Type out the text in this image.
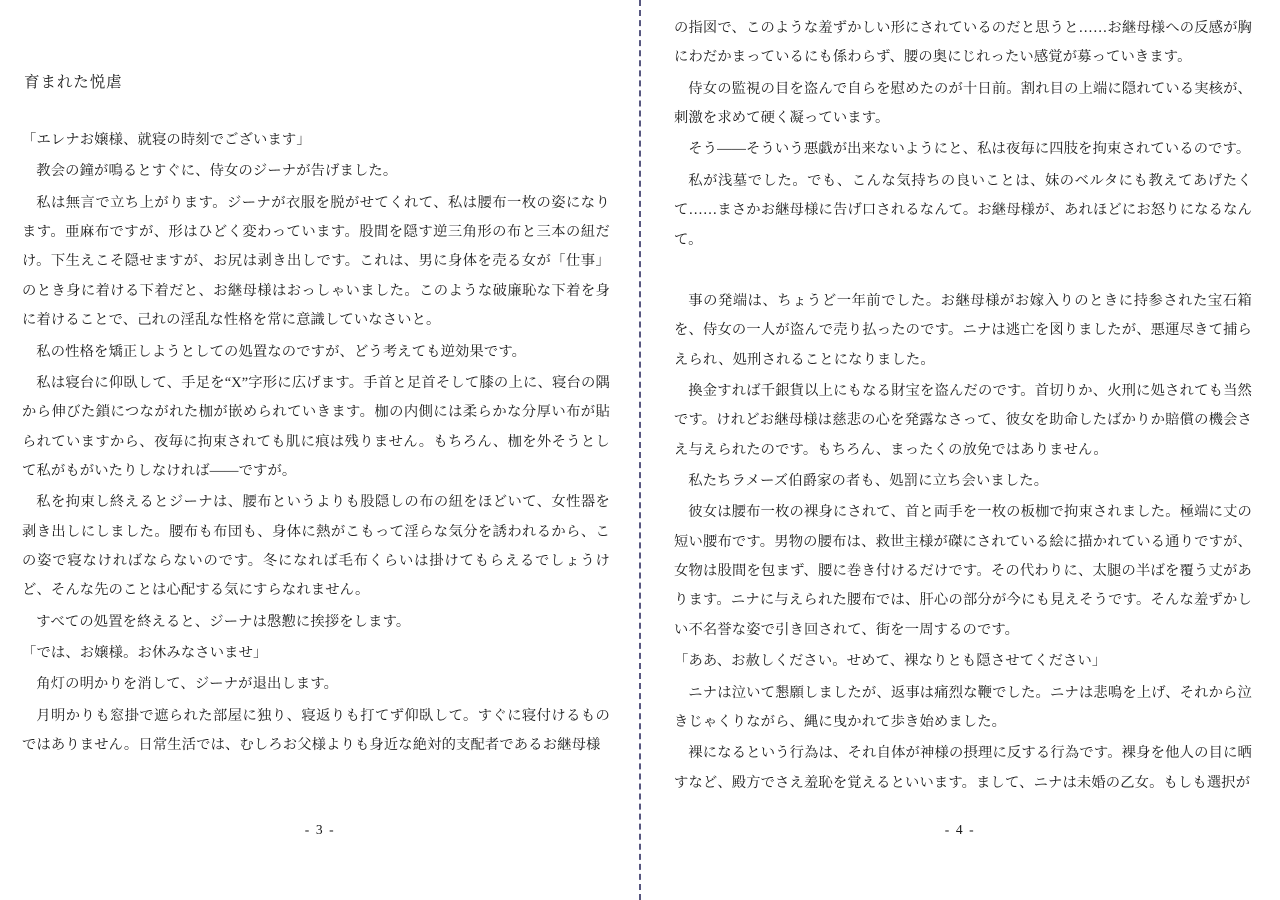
育まれた悦虐

「エレナお嬢様、就寝の時刻でございます」

教会の鐘が鳴るとすぐに、侍女のジーナが告げました。

私は無言で立ち上がります。ジーナが衣服を脱がせてくれて、私は腰布一枚の姿になります。亜麻布ですが、形はひどく変わっています。股間を隠す逆三角形の布と三本の紐だけ。下生えこそ隠せますが、お尻は剥き出しです。これは、男に身体を売る女が「仕事」のとき身に着ける下着だと、お継母様はおっしゃいました。このような破廉恥な下着を身に着けることで、己れの淫乱な性格を常に意識していなさいと。

私の性格を矯正しようとしての処置なのですが、どう考えても逆効果です。

私は寝台に仰臥して、手足を“X”字形に広げます。手首と足首そして膝の上に、寝台の隅から伸びた鎖につながれた枷が嵌められていきます。枷の内側には柔らかな分厚い布が貼られていますから、夜毎に拘束されても肌に痕は残りません。もちろん、枷を外そうとして私がもがいたりしなければ――ですが。

私を拘束し終えるとジーナは、腰布というよりも股隠しの布の紐をほどいて、女性器を剥き出しにしました。腰布も布団も、身体に熱がこもって淫らな気分を誘われるから、この姿で寝なければならないのです。冬になれば毛布くらいは掛けてもらえるでしょうけど、そんな先のことは心配する気にすらなれません。

すべての処置を終えると、ジーナは慇懃に挨拶をします。

「では、お嬢様。お休みなさいませ」

角灯の明かりを消して、ジーナが退出します。

月明かりも窓掛で遮られた部屋に独り、寝返りも打てず仰臥して。すぐに寝付けるものではありません。日常生活では、むしろお父様よりも身近な絶対的支配者であるお継母様

- 3 -

の指図で、このような羞ずかしい形にされているのだと思うと……お継母様への反感が胸にわだかまっているにも係わらず、腰の奥にじれったい感覚が募っていきます。

侍女の監視の目を盗んで自らを慰めたのが十日前。割れ目の上端に隠れている実核が、刺激を求めて硬く凝っています。

そう――そういう悪戯が出来ないようにと、私は夜毎に四肢を拘束されているのです。

私が浅墓でした。でも、こんな気持ちの良いことは、妹のベルタにも教えてあげたくて……まさかお継母様に告げ口されるなんて。お継母様が、あれほどにお怒りになるなんて。

事の発端は、ちょうど一年前でした。お継母様がお嫁入りのときに持参された宝石箱を、侍女の一人が盗んで売り払ったのです。ニナは逃亡を図りましたが、悪運尽きて捕らえられ、処刑されることになりました。

換金すれば千銀貨以上にもなる財宝を盗んだのです。首切りか、火刑に処されても当然です。けれどお継母様は慈悲の心を発露なさって、彼女を助命したばかりか賠償の機会さえ与えられたのです。もちろん、まったくの放免ではありません。

私たちラメーズ伯爵家の者も、処罰に立ち会いました。

彼女は腰布一枚の裸身にされて、首と両手を一枚の板枷で拘束されました。極端に丈の短い腰布です。男物の腰布は、救世主様が磔にされている絵に描かれている通りですが、女物は股間を包まず、腰に巻き付けるだけです。その代わりに、太腿の半ばを覆う丈があります。ニナに与えられた腰布では、肝心の部分が今にも見えそうです。そんな羞ずかしい不名誉な姿で引き回されて、街を一周するのです。

「ああ、お赦しください。せめて、裸なりとも隠させてください」

ニナは泣いて懇願しましたが、返事は痛烈な鞭でした。ニナは悲鳴を上げ、それから泣きじゃくりながら、縄に曳かれて歩き始めました。

裸になるという行為は、それ自体が神様の摂理に反する行為です。裸身を他人の目に晒すなど、殿方でさえ羞恥を覚えるといいます。まして、ニナは未婚の乙女。もしも選択が

- 4 -
